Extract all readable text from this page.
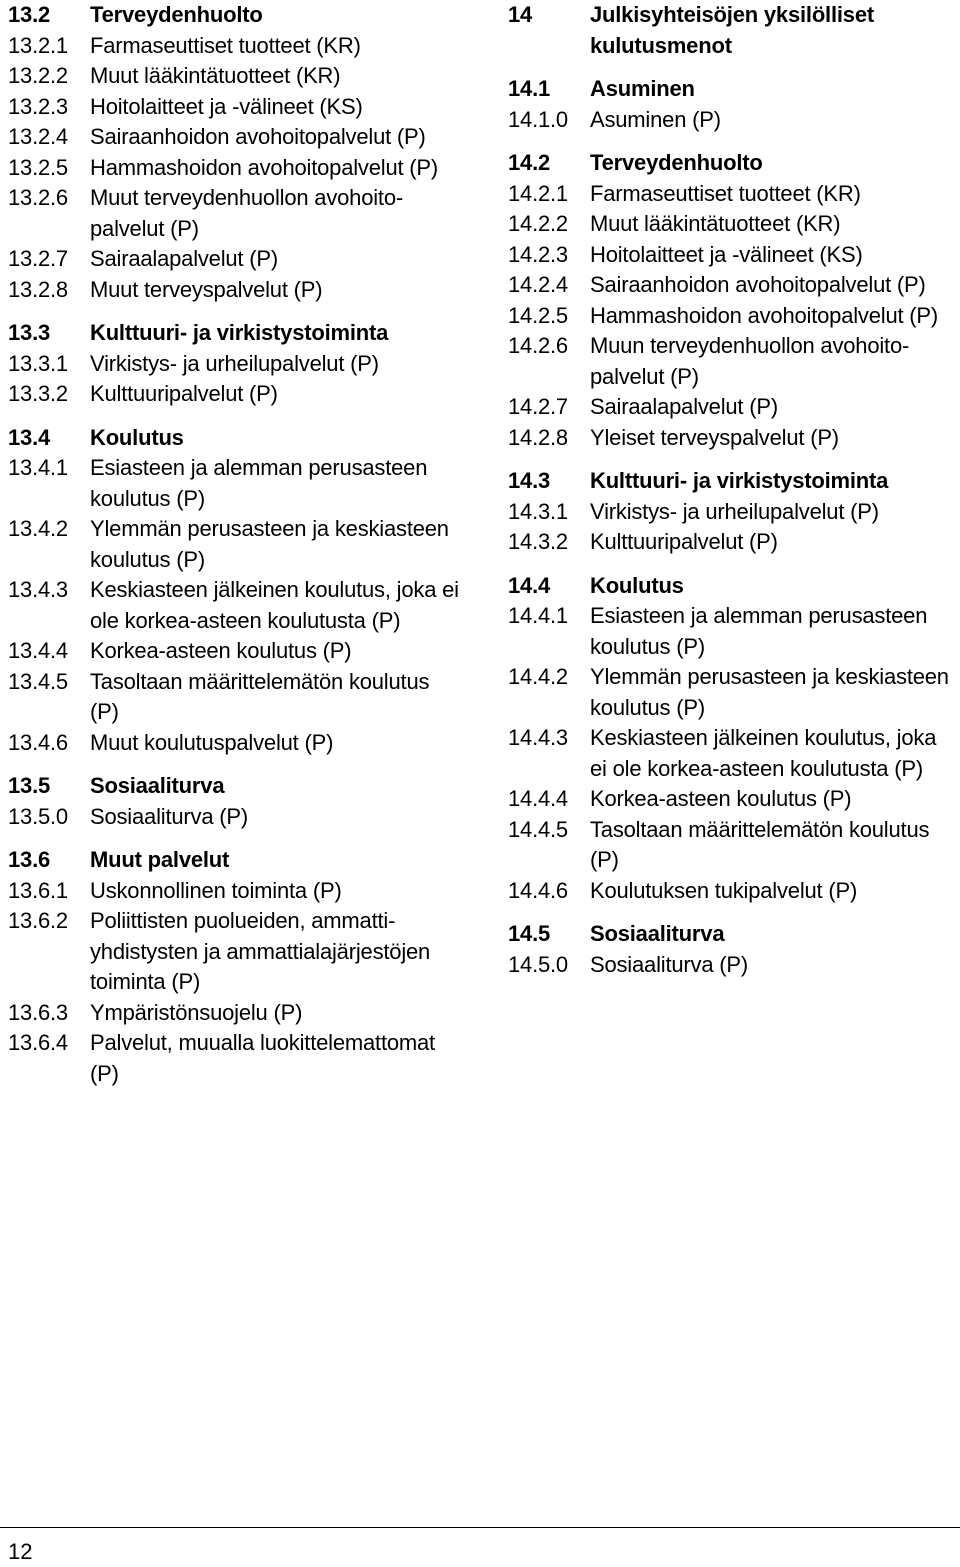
13.2	Terveydenhuolto
13.2.1	Farmaseuttiset tuotteet (KR)
13.2.2	Muut lääkintätuotteet (KR)
13.2.3	Hoitolaitteet ja -välineet (KS)
13.2.4	Sairaanhoidon avohoitopalvelut (P)
13.2.5	Hammashoidon avohoitopalvelut (P)
13.2.6	Muut terveydenhuollon avohoito-palvelut (P)
13.2.7	Sairaalapalvelut (P)
13.2.8	Muut terveyspalvelut (P)
13.3	Kulttuuri- ja virkistystoiminta
13.3.1	Virkistys- ja urheilupalvelut (P)
13.3.2	Kulttuuripalvelut (P)
13.4	Koulutus
13.4.1	Esiasteen ja alemman perusasteen koulutus (P)
13.4.2	Ylemmän perusasteen ja keskiasteen koulutus (P)
13.4.3	Keskiasteen jälkeinen koulutus, joka ei ole korkea-asteen koulutusta (P)
13.4.4	Korkea-asteen koulutus (P)
13.4.5	Tasoltaan määrittelemätön koulutus (P)
13.4.6	Muut koulutuspalvelut (P)
13.5	Sosiaaliturva
13.5.0	Sosiaaliturva (P)
13.6	Muut palvelut
13.6.1	Uskonnollinen toiminta (P)
13.6.2	Poliittisten puolueiden, ammatti-yhdistysten ja ammattialajärjestöjen toiminta (P)
13.6.3	Ympäristönsuojelu (P)
13.6.4	Palvelut, muualla luokittelemattomat (P)
14	Julkisyhteisöjen yksilölliset kulutusmenot
14.1	Asuminen
14.1.0	Asuminen (P)
14.2	Terveydenhuolto
14.2.1	Farmaseuttiset tuotteet (KR)
14.2.2	Muut lääkintätuotteet (KR)
14.2.3	Hoitolaitteet ja -välineet (KS)
14.2.4	Sairaanhoidon avohoitopalvelut (P)
14.2.5	Hammashoidon avohoitopalvelut (P)
14.2.6	Muun terveydenhuollon avohoito-palvelut (P)
14.2.7	Sairaalapalvelut (P)
14.2.8	Yleiset terveyspalvelut (P)
14.3	Kulttuuri- ja virkistystoiminta
14.3.1	Virkistys- ja urheilupalvelut (P)
14.3.2	Kulttuuripalvelut (P)
14.4	Koulutus
14.4.1	Esiasteen ja alemman perusasteen koulutus (P)
14.4.2	Ylemmän perusasteen ja keskiasteen koulutus (P)
14.4.3	Keskiasteen jälkeinen koulutus, joka ei ole korkea-asteen koulutusta (P)
14.4.4	Korkea-asteen koulutus (P)
14.4.5	Tasoltaan määrittelemätön koulutus (P)
14.4.6	Koulutuksen tukipalvelut (P)
14.5	Sosiaaliturva
14.5.0	Sosiaaliturva (P)
12
